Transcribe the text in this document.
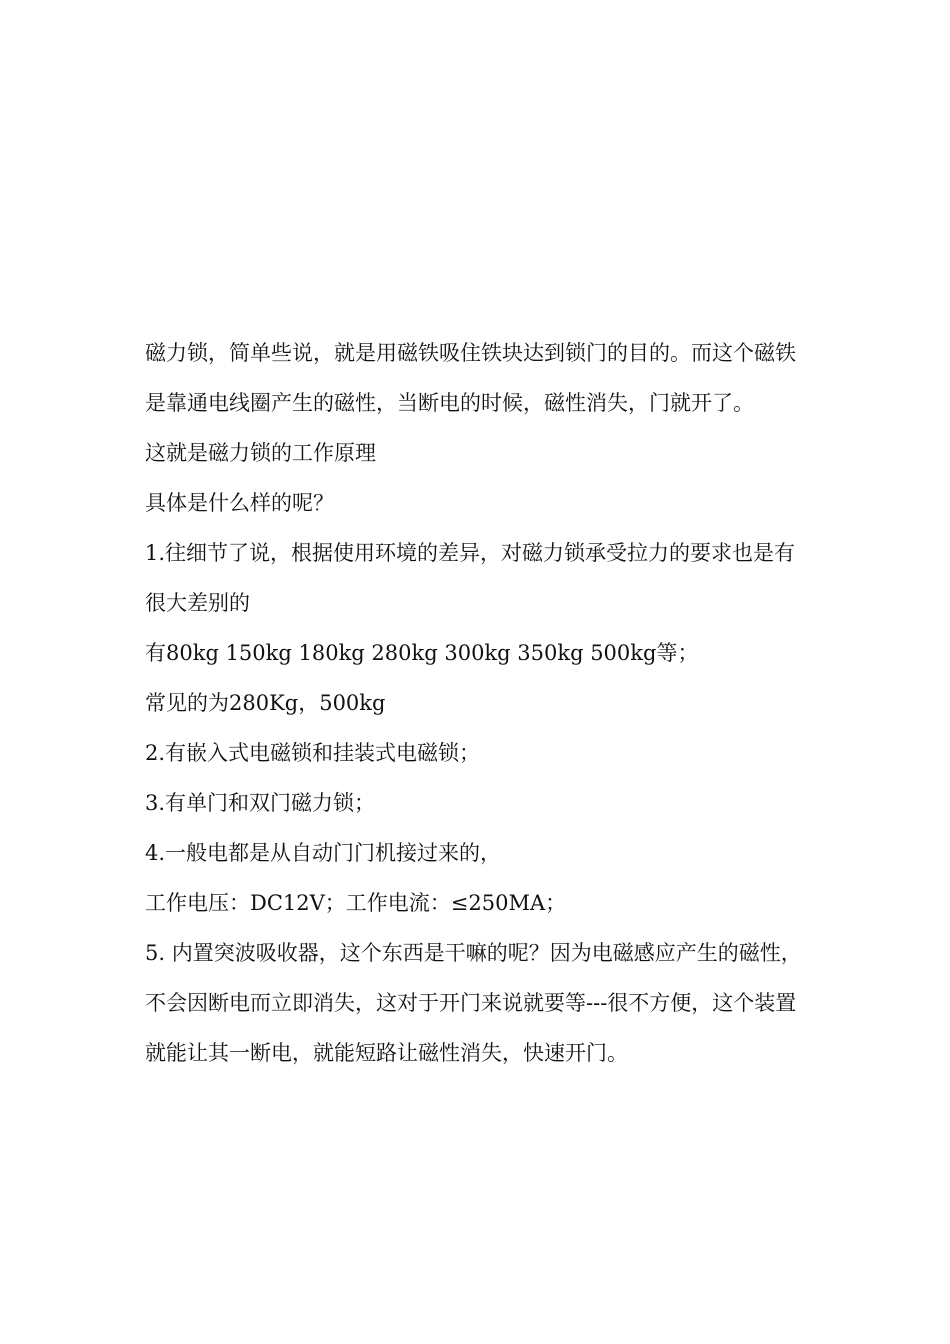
磁力锁，简单些说，就是用磁铁吸住铁块达到锁门的目的。而这个磁铁是靠通电线圈产生的磁性，当断电的时候，磁性消失，门就开了。

这就是磁力锁的工作原理

具体是什么样的呢？

1.往细节了说，根据使用环境的差异，对磁力锁承受拉力的要求也是有很大差别的

有80kg 150kg 180kg 280kg 300kg 350kg 500kg等；

常见的为280Kg，500kg

2.有嵌入式电磁锁和挂装式电磁锁；

3.有单门和双门磁力锁；

4.一般电都是从自动门门机接过来的，

工作电压：DC12V；工作电流：≤250MA；

5. 内置突波吸收器，这个东西是干嘛的呢？因为电磁感应产生的磁性，不会因断电而立即消失，这对于开门来说就要等---很不方便，这个装置就能让其一断电，就能短路让磁性消失，快速开门。
